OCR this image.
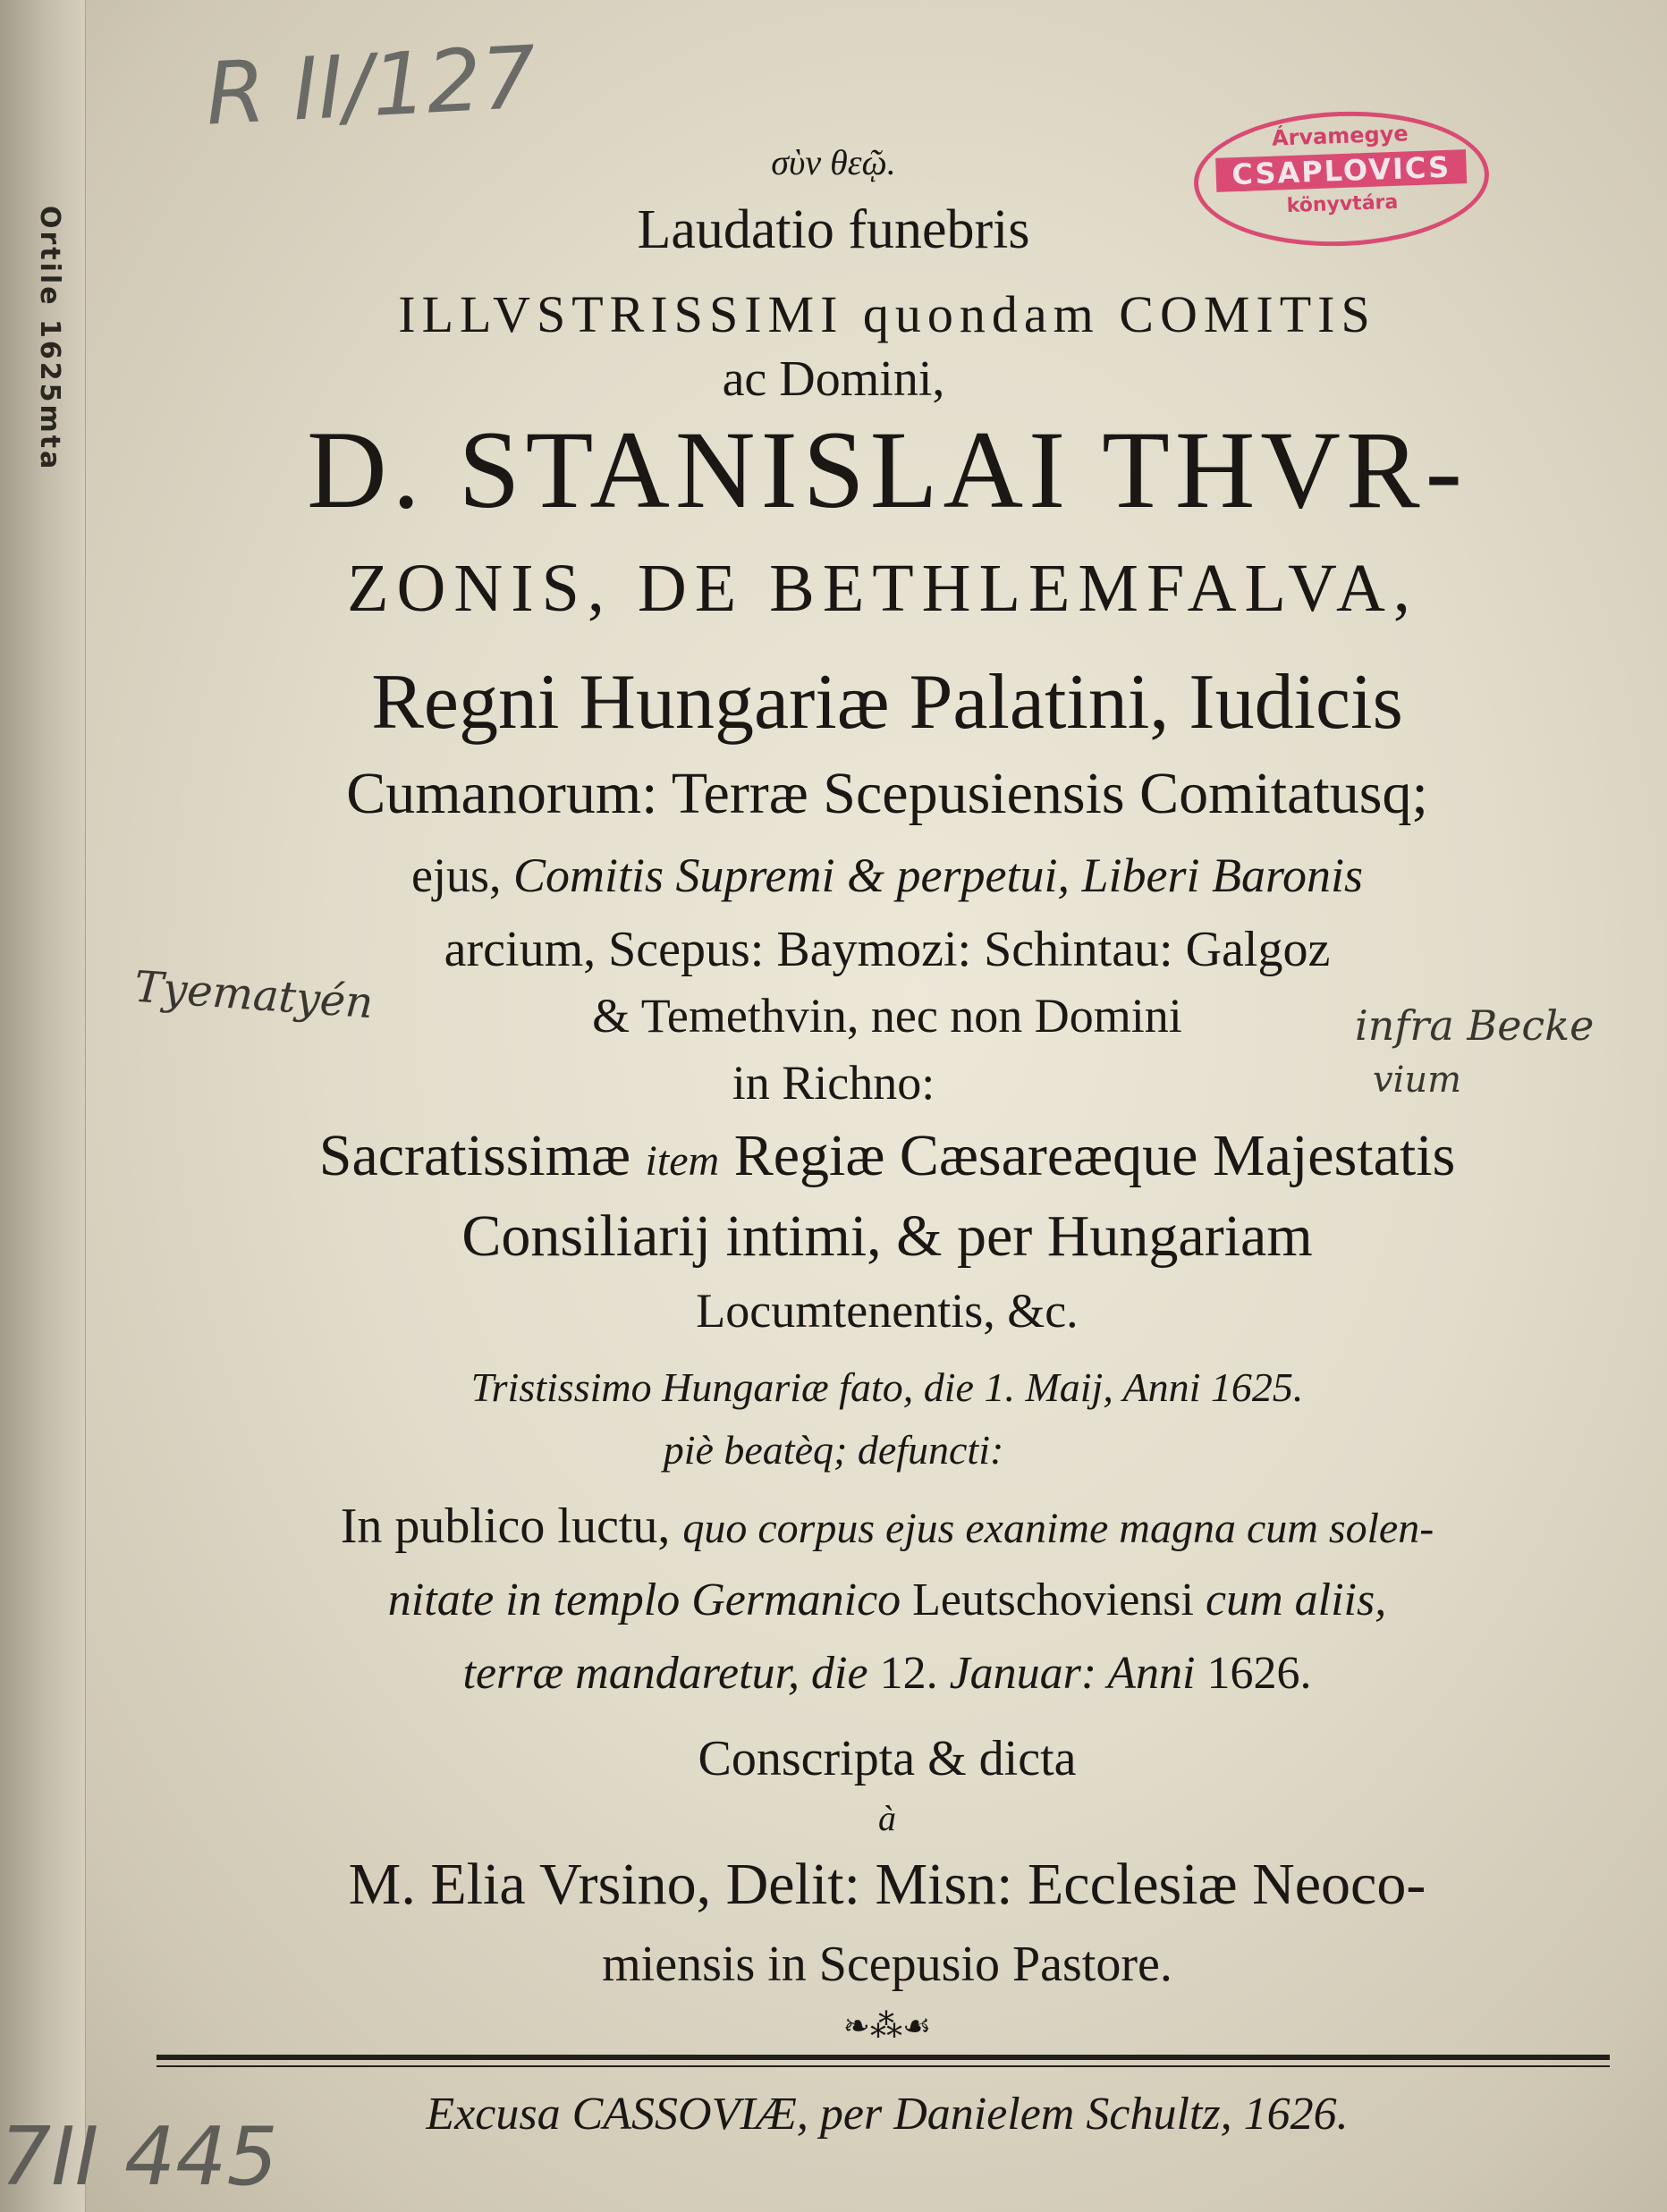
Ortile 1625mta
R II/127	Árvamegye
CSAPLOVICS
könyvtára
σὺν θεῷ.
Laudatio funebris
ILLVSTRISSIMI quondam COMITIS
ac Domini,
D. STANISLAI THVR-
ZONIS, DE BETHLEMFALVA,
Regni Hungariæ Palatini, Iudicis
Cumanorum: Terræ Scepusiensis Comitatusq;
ejus, Comitis Supremi & perpetui, Liberi Baronis
arcium, Scepus: Baymozi: Schintau: Galgoz
& Temethvin, nec non Domini
in Richno:
Sacratissimæ item Regiæ Cæsareæque Majestatis
Consiliarij intimi, & per Hungariam
Locumtenentis, &c.
Tristissimo Hungariæ fato, die 1. Maij, Anni 1625.
piè beatèq; defuncti:
In publico luctu, quo corpus ejus exanime magna cum solen-
nitate in templo Germanico Leutschoviensi cum aliis,
terræ mandaretur, die 12. Januar: Anni 1626.
Conscripta & dicta
à
M. Elia Vrsino, Delit: Misn: Ecclesiæ Neoco-
miensis in Scepusio Pastore.
❧⁂☙
Excusa CASSOVIÆ, per Danielem Schultz, 1626.
Tyematyén	infra Becke
vium
7II 445
